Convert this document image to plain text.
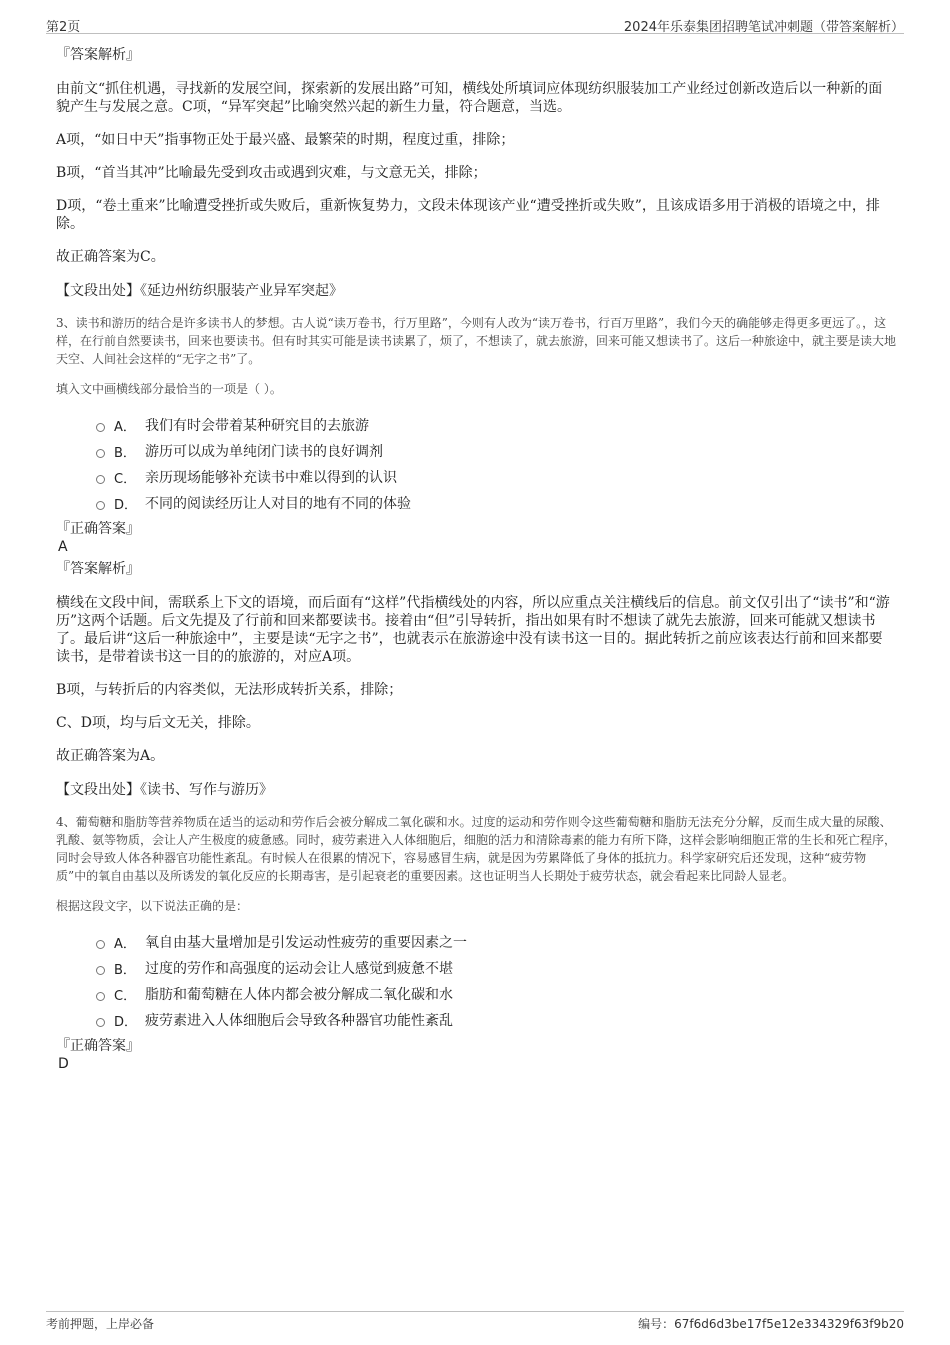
第2页	2024年乐泰集团招聘笔试冲刺题（带答案解析）
『答案解析』

由前文“抓住机遇，寻找新的发展空间，探索新的发展出路”可知，横线处所填词应体现纺织服装加工产业经过创新改造后以一种新的面貌产生与发展之意。C项，“异军突起”比喻突然兴起的新生力量，符合题意，当选。

A项，“如日中天”指事物正处于最兴盛、最繁荣的时期，程度过重，排除；

B项，“首当其冲”比喻最先受到攻击或遇到灾难，与文意无关，排除；

D项，“卷土重来”比喻遭受挫折或失败后，重新恢复势力，文段未体现该产业“遭受挫折或失败”，且该成语多用于消极的语境之中，排除。

故正确答案为C。

【文段出处】《延边州纺织服装产业异军突起》

3、读书和游历的结合是许多读书人的梦想。古人说“读万卷书，行万里路”，今则有人改为“读万卷书，行百万里路”，我们今天的确能够走得更多更远了。，这样，在行前自然要读书，回来也要读书。但有时其实可能是读书读累了，烦了，不想读了，就去旅游，回来可能又想读书了。这后一种旅途中，就主要是读大地天空、人间社会这样的“无字之书”了。

填入文中画横线部分最恰当的一项是（ ）。

A． 我们有时会带着某种研究目的去旅游
B． 游历可以成为单纯闭门读书的良好调剂
C． 亲历现场能够补充读书中难以得到的认识
D． 不同的阅读经历让人对目的地有不同的体验
『正确答案』
A
『答案解析』

横线在文段中间，需联系上下文的语境，而后面有“这样”代指横线处的内容，所以应重点关注横线后的信息。前文仅引出了“读书”和“游历”这两个话题。后文先提及了行前和回来都要读书。接着由“但”引导转折，指出如果有时不想读了就先去旅游，回来可能就又想读书了。最后讲“这后一种旅途中”，主要是读“无字之书”，也就表示在旅游途中没有读书这一目的。据此转折之前应该表达行前和回来都要读书，是带着读书这一目的的旅游的，对应A项。

B项，与转折后的内容类似，无法形成转折关系，排除；

C、D项，均与后文无关，排除。

故正确答案为A。

【文段出处】《读书、写作与游历》

4、葡萄糖和脂肪等营养物质在适当的运动和劳作后会被分解成二氧化碳和水。过度的运动和劳作则令这些葡萄糖和脂肪无法充分分解，反而生成大量的尿酸、乳酸、氨等物质，会让人产生极度的疲惫感。同时，疲劳素进入人体细胞后，细胞的活力和清除毒素的能力有所下降，这样会影响细胞正常的生长和死亡程序，同时会导致人体各种器官功能性紊乱。有时候人在很累的情况下，容易感冒生病，就是因为劳累降低了身体的抵抗力。科学家研究后还发现，这种“疲劳物质”中的氧自由基以及所诱发的氧化反应的长期毒害，是引起衰老的重要因素。这也证明当人长期处于疲劳状态，就会看起来比同龄人显老。

根据这段文字，以下说法正确的是：

A． 氧自由基大量增加是引发运动性疲劳的重要因素之一
B． 过度的劳作和高强度的运动会让人感觉到疲惫不堪
C． 脂肪和葡萄糖在人体内都会被分解成二氧化碳和水
D． 疲劳素进入人体细胞后会导致各种器官功能性紊乱
『正确答案』
D
考前押题，上岸必备	编号：67f6d6d3be17f5e12e334329f63f9b20
